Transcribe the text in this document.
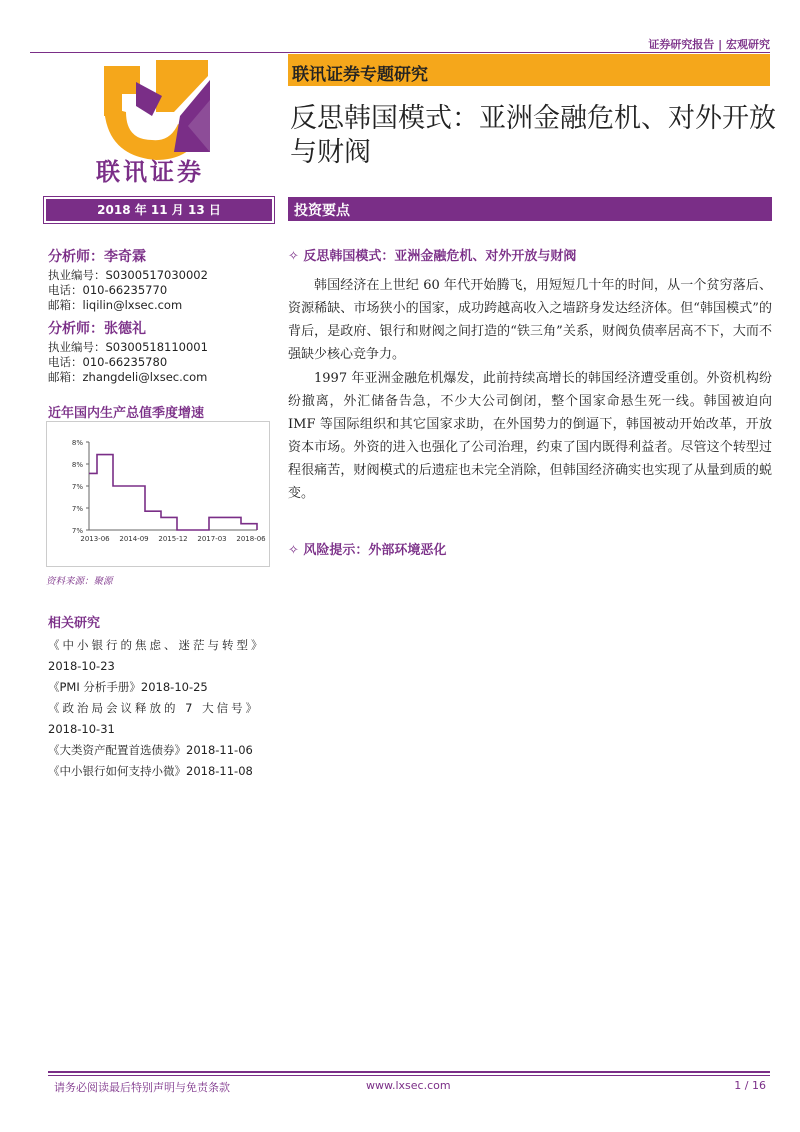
证券研究报告 | 宏观研究
联讯证券
联讯证券专题研究
反思韩国模式：亚洲金融危机、对外开放与财阀
2018 年 11 月 13 日	投资要点
分析师：李奇霖
执业编号：S0300517030002
电话：010-66235770
邮箱：liqilin@lxsec.com
分析师：张德礼
执业编号：S0300518110001
电话：010-66235780
邮箱：zhangdeli@lxsec.com
近年国内生产总值季度增速
8%
8%
7%
7%
7%
2013-06 2014-09 2015-12 2017-03 2018-06
资料来源：聚源
相关研究
《中小银行的焦虑、迷茫与转型》
2018-10-23
《PMI 分析手册》2018-10-25
《政治局会议释放的 7 大信号》
2018-10-31
《大类资产配置首选债券》2018-11-06
《中小银行如何支持小微》2018-11-08
✧ 反思韩国模式：亚洲金融危机、对外开放与财阀
韩国经济在上世纪 60 年代开始腾飞，用短短几十年的时间，从一个贫穷落后、资源稀缺、市场狭小的国家，成功跨越高收入之墙跻身发达经济体。但“韩国模式”的背后，是政府、银行和财阀之间打造的“铁三角”关系，财阀负债率居高不下，大而不强缺少核心竞争力。
1997 年亚洲金融危机爆发，此前持续高增长的韩国经济遭受重创。外资机构纷纷撤离，外汇储备告急，不少大公司倒闭，整个国家命悬生死一线。韩国被迫向 IMF 等国际组织和其它国家求助，在外国势力的倒逼下，韩国被动开始改革，开放资本市场。外资的进入也强化了公司治理，约束了国内既得利益者。尽管这个转型过程很痛苦，财阀模式的后遗症也未完全消除，但韩国经济确实也实现了从量到质的蜕变。
✧ 风险提示：外部环境恶化
请务必阅读最后特别声明与免责条款	www.lxsec.com	1 / 16
